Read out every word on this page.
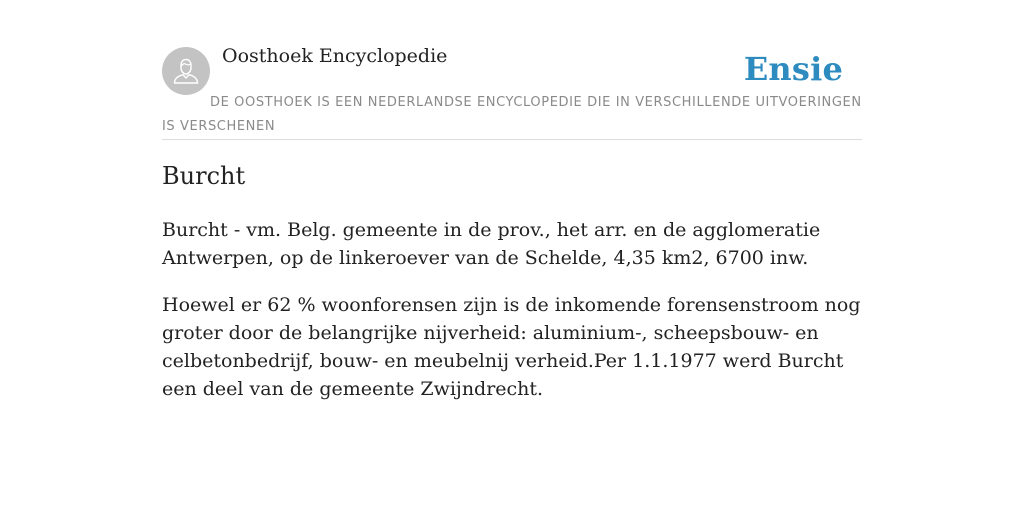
Oosthoek Encyclopedie	Ensie
DE OOSTHOEK IS EEN NEDERLANDSE ENCYCLOPEDIE DIE IN VERSCHILLENDE UITVOERINGEN IS VERSCHENEN
Burcht

Burcht - vm. Belg. gemeente in de prov., het arr. en de agglomeratie Antwerpen, op de linkeroever van de Schelde, 4,35 km2, 6700 inw.

Hoewel er 62 % woonforensen zijn is de inkomende forensenstroom nog groter door de belangrijke nijverheid: aluminium-, scheepsbouw- en celbetonbedrijf, bouw- en meubelnij verheid.Per 1.1.1977 werd Burcht een deel van de gemeente Zwijndrecht.
